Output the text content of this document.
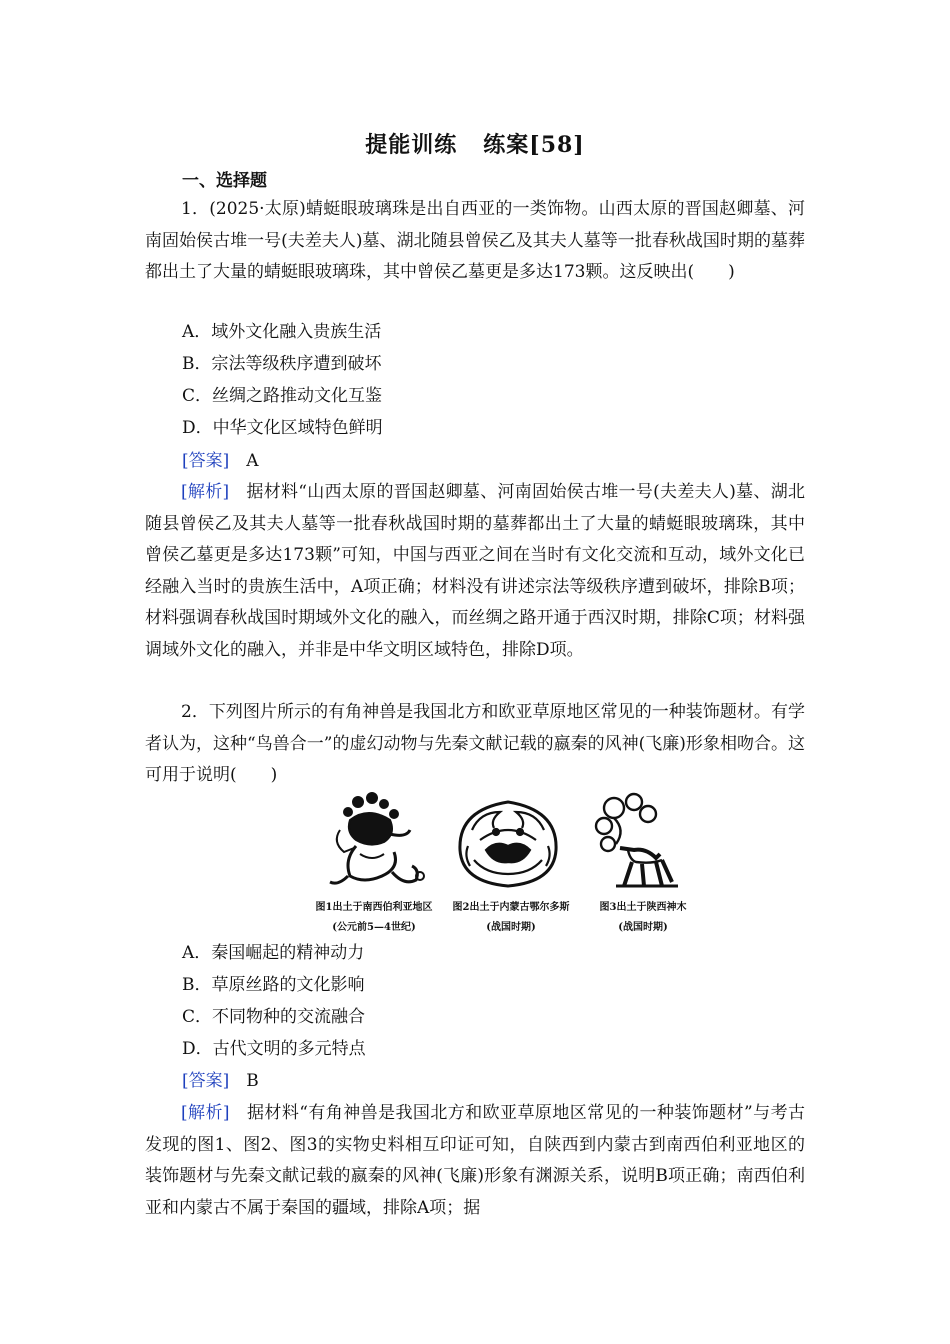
提能训练 练案[58]
一、选择题
1．(2025·太原)蜻蜓眼玻璃珠是出自西亚的一类饰物。山西太原的晋国赵卿墓、河南固始侯古堆一号(夫差夫人)墓、湖北随县曾侯乙及其夫人墓等一批春秋战国时期的墓葬都出土了大量的蜻蜓眼玻璃珠，其中曾侯乙墓更是多达173颗。这反映出(　　)
A．域外文化融入贵族生活
B．宗法等级秩序遭到破坏
C．丝绸之路推动文化互鉴
D．中华文化区域特色鲜明
[答案]  A
[解析]  据材料“山西太原的晋国赵卿墓、河南固始侯古堆一号(夫差夫人)墓、湖北随县曾侯乙及其夫人墓等一批春秋战国时期的墓葬都出土了大量的蜻蜓眼玻璃珠，其中曾侯乙墓更是多达173颗”可知，中国与西亚之间在当时有文化交流和互动，域外文化已经融入当时的贵族生活中，A项正确；材料没有讲述宗法等级秩序遭到破坏，排除B项；材料强调春秋战国时期域外文化的融入，而丝绸之路开通于西汉时期，排除C项；材料强调域外文化的融入，并非是中华文明区域特色，排除D项。
2．下列图片所示的有角神兽是我国北方和欧亚草原地区常见的一种装饰题材。有学者认为，这种“鸟兽合一”的虚幻动物与先秦文献记载的嬴秦的风神(飞廉)形象相吻合。这可用于说明(　　)
图1出土于南西伯利亚地区
(公元前5—4世纪)
图2出土于内蒙古鄂尔多斯
(战国时期)
图3出土于陕西神木
(战国时期)
A．秦国崛起的精神动力
B．草原丝路的文化影响
C．不同物种的交流融合
D．古代文明的多元特点
[答案]  B
[解析]  据材料“有角神兽是我国北方和欧亚草原地区常见的一种装饰题材”与考古发现的图1、图2、图3的实物史料相互印证可知，自陕西到内蒙古到南西伯利亚地区的装饰题材与先秦文献记载的嬴秦的风神(飞廉)形象有渊源关系，说明B项正确；南西伯利亚和内蒙古不属于秦国的疆域，排除A项；据
